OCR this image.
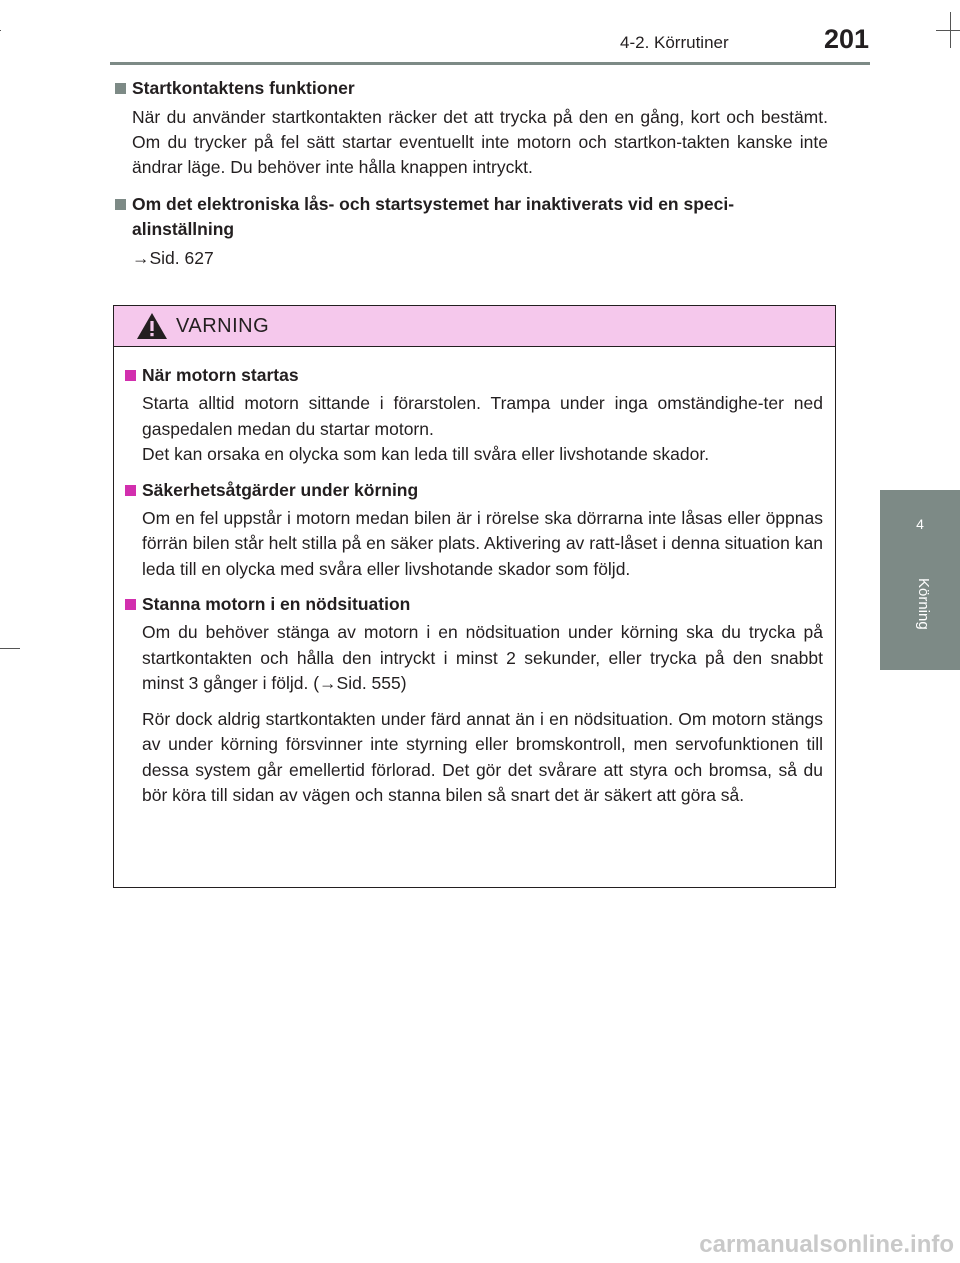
4-2. Körrutiner	201
4
Körning
Startkontaktens funktioner

När du använder startkontakten räcker det att trycka på den en gång, kort och bestämt. Om du trycker på fel sätt startar eventuellt inte motorn och startkon-takten kanske inte ändrar läge. Du behöver inte hålla knappen intryckt.

Om det elektroniska lås- och startsystemet har inaktiverats vid en speci-alinställning
→Sid. 627
VARNING
När motorn startas
Starta alltid motorn sittande i förarstolen. Trampa under inga omständighe-ter ned gaspedalen medan du startar motorn.
Det kan orsaka en olycka som kan leda till svåra eller livshotande skador.
Säkerhetsåtgärder under körning
Om en fel uppstår i motorn medan bilen är i rörelse ska dörrarna inte låsas eller öppnas förrän bilen står helt stilla på en säker plats. Aktivering av ratt-låset i denna situation kan leda till en olycka med svåra eller livshotande skador som följd.
Stanna motorn i en nödsituation
Om du behöver stänga av motorn i en nödsituation under körning ska du trycka på startkontakten och hålla den intryckt i minst 2 sekunder, eller trycka på den snabbt minst 3 gånger i följd. (→Sid. 555)
Rör dock aldrig startkontakten under färd annat än i en nödsituation. Om motorn stängs av under körning försvinner inte styrning eller bromskontroll, men servofunktionen till dessa system går emellertid förlorad. Det gör det svårare att styra och bromsa, så du bör köra till sidan av vägen och stanna bilen så snart det är säkert att göra så.
carmanualsonline.info
